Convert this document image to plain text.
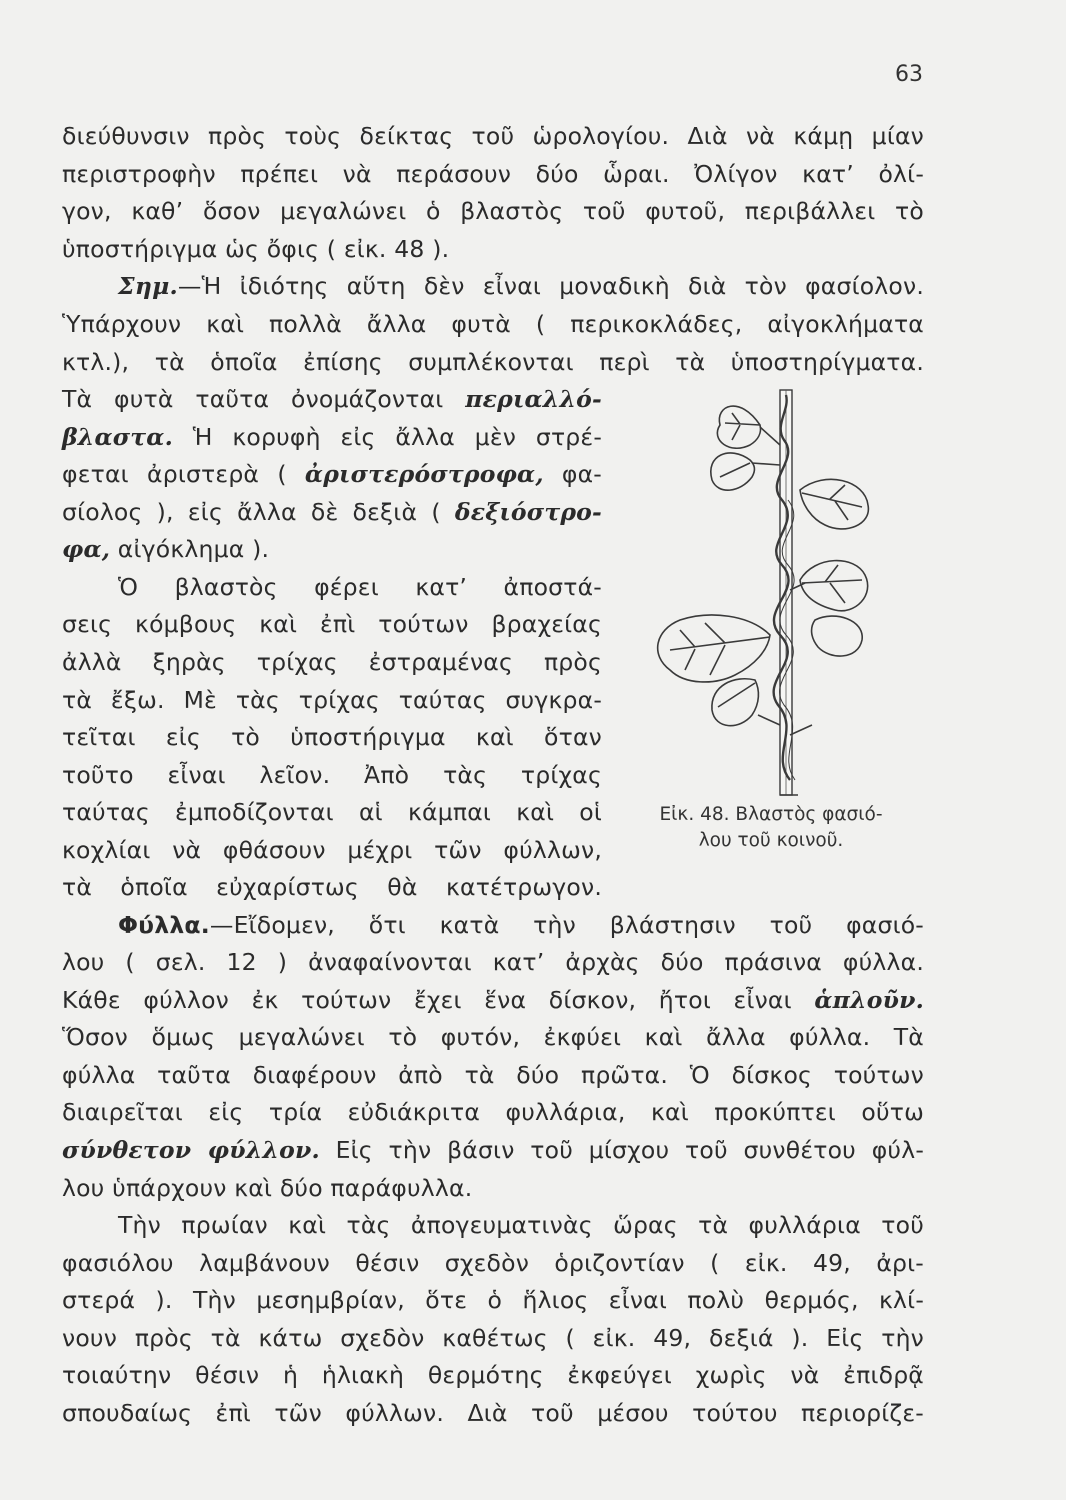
63
διεύθυνσιν πρὸς τοὺς δείκτας τοῦ ὡρολογίου. Διὰ νὰ κάμῃ μίαν
περιστροφὴν πρέπει νὰ περάσουν δύο ὧραι. Ὀλίγον κατ’ ὀλί-
γον, καθ’ ὅσον μεγαλώνει ὁ βλαστὸς τοῦ φυτοῦ, περιβάλλει τὸ
ὑποστήριγμα ὡς ὄφις ( εἰκ. 48 ).
Σημ.—Ἡ ἰδιότης αὕτη δὲν εἶναι μοναδικὴ διὰ τὸν φασίολον.
Ὑπάρχουν καὶ πολλὰ ἄλλα φυτὰ ( περικοκλάδες, αἰγοκλήματα
κτλ.), τὰ ὁποῖα ἐπίσης συμπλέκονται περὶ τὰ ὑποστηρίγματα.
Τὰ φυτὰ ταῦτα ὀνομάζονται περιαλλό-
βλαστα. Ἡ κορυφὴ εἰς ἄλλα μὲν στρέ-
φεται ἀριστερὰ ( ἀριστερόστροφα, φα-
σίολος ), εἰς ἄλλα δὲ δεξιὰ ( δεξιόστρο-
φα, αἰγόκλημα ).
Ὁ βλαστὸς φέρει κατ’ ἀποστά-
σεις κόμβους καὶ ἐπὶ τούτων βραχείας
ἀλλὰ ξηρὰς τρίχας ἐστραμένας πρὸς
τὰ ἔξω. Μὲ τὰς τρίχας ταύτας συγκρα-
τεῖται εἰς τὸ ὑποστήριγμα καὶ ὅταν
τοῦτο εἶναι λεῖον. Ἀπὸ τὰς τρίχας
ταύτας ἐμποδίζονται αἱ κάμπαι καὶ οἱ
κοχλίαι νὰ φθάσουν μέχρι τῶν φύλλων,
τὰ ὁποῖα εὐχαρίστως θὰ κατέτρωγον.
Φύλλα.—Εἴδομεν, ὅτι κατὰ τὴν βλάστησιν τοῦ φασιό-
λου ( σελ. 12 ) ἀναφαίνονται κατ’ ἀρχὰς δύο πράσινα φύλλα.
Κάθε φύλλον ἐκ τούτων ἔχει ἕνα δίσκον, ἤτοι εἶναι ἁπλοῦν.
Ὅσον ὅμως μεγαλώνει τὸ φυτόν, ἐκφύει καὶ ἄλλα φύλλα. Τὰ
φύλλα ταῦτα διαφέρουν ἀπὸ τὰ δύο πρῶτα. Ὁ δίσκος τούτων
διαιρεῖται εἰς τρία εὐδιάκριτα φυλλάρια, καὶ προκύπτει οὕτω
σύνθετον φύλλον. Εἰς τὴν βάσιν τοῦ μίσχου τοῦ συνθέτου φύλ-
λου ὑπάρχουν καὶ δύο παράφυλλα.
Τὴν πρωίαν καὶ τὰς ἀπογευματινὰς ὥρας τὰ φυλλάρια τοῦ
φασιόλου λαμβάνουν θέσιν σχεδὸν ὁριζοντίαν ( εἰκ. 49, ἀρι-
στερά ). Τὴν μεσημβρίαν, ὅτε ὁ ἥλιος εἶναι πολὺ θερμός, κλί-
νουν πρὸς τὰ κάτω σχεδὸν καθέτως ( εἰκ. 49, δεξιά ). Εἰς τὴν
τοιαύτην θέσιν ἡ ἡλιακὴ θερμότης ἐκφεύγει χωρὶς νὰ ἐπιδρᾷ
σπουδαίως ἐπὶ τῶν φύλλων. Διὰ τοῦ μέσου τούτου περιορίζε-
Εἰκ. 48. Βλαστὸς φασιό-
λου τοῦ κοινοῦ.
